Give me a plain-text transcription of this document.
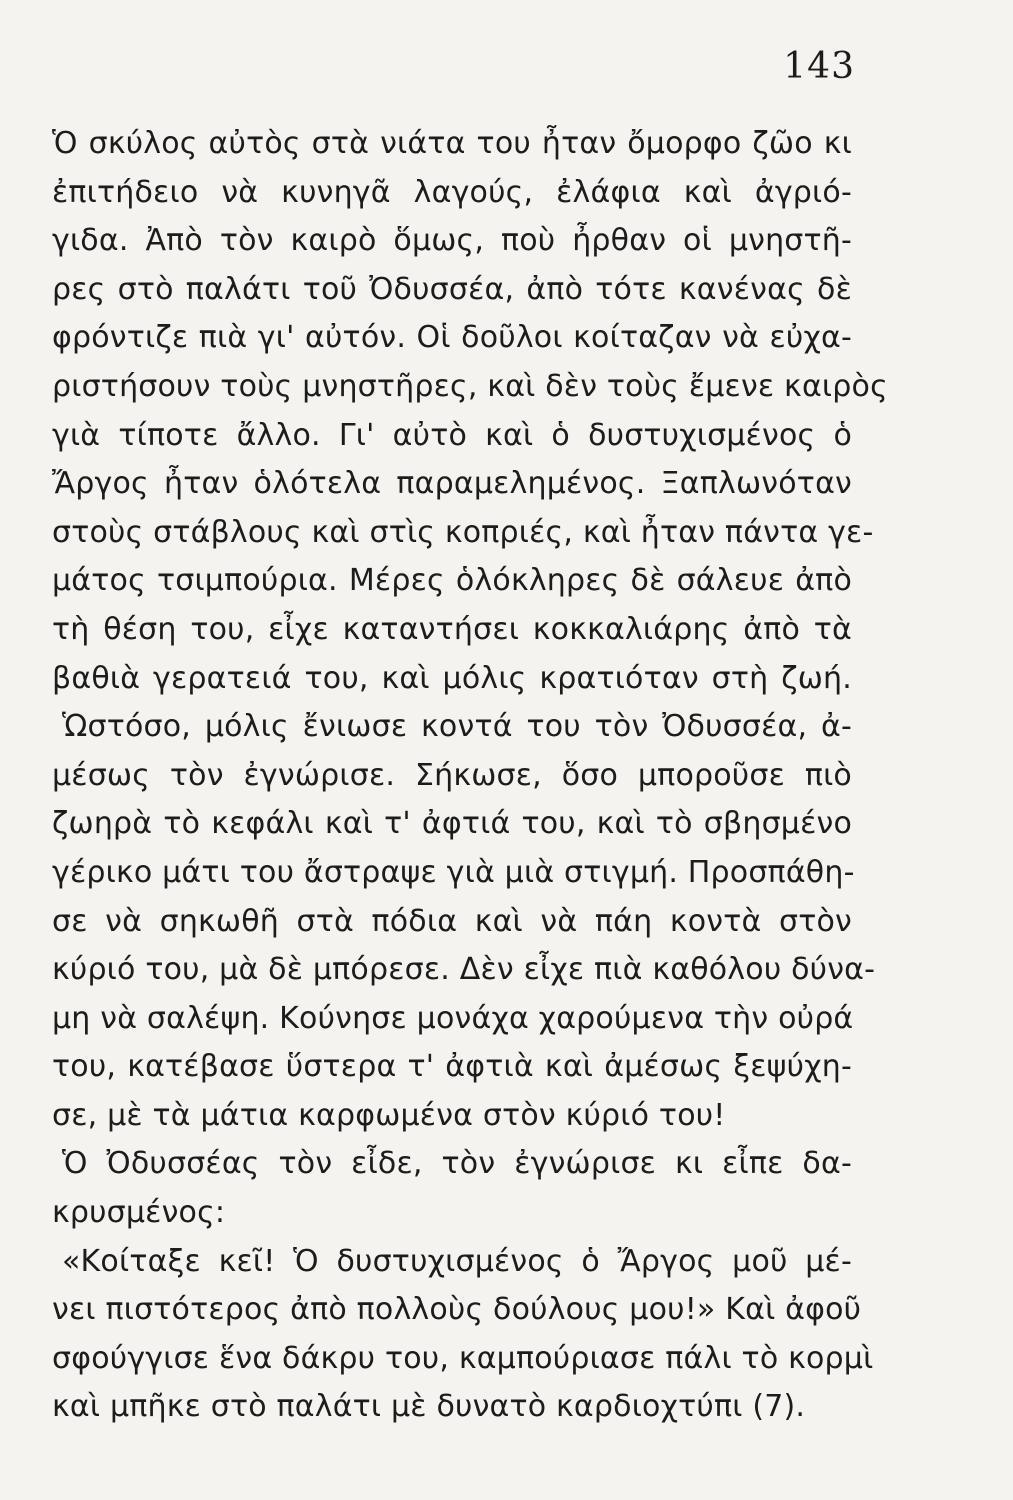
143
Ὁ σκύλος αὐτὸς στὰ νιάτα του ἦταν ὄμορφο ζῶο κι
ἐπιτήδειο νὰ κυνηγᾶ λαγούς, ἐλάφια καὶ ἀγριό-
γιδα. Ἀπὸ τὸν καιρὸ ὅμως, ποὺ ἦρθαν οἱ μνηστῆ-
ρες στὸ παλάτι τοῦ Ὀδυσσέα, ἀπὸ τότε κανένας δὲ
φρόντιζε πιὰ γι' αὐτόν. Οἱ δοῦλοι κοίταζαν νὰ εὐχα-
ριστήσουν τοὺς μνηστῆρες, καὶ δὲν τοὺς ἔμενε καιρὸς
γιὰ τίποτε ἄλλο. Γι' αὐτὸ καὶ ὁ δυστυχισμένος ὁ
Ἄργος ἦταν ὁλότελα παραμελημένος. Ξαπλωνόταν
στοὺς στάβλους καὶ στὶς κοπριές, καὶ ἦταν πάντα γε-
μάτος τσιμπούρια. Μέρες ὁλόκληρες δὲ σάλευε ἀπὸ
τὴ θέση του, εἶχε καταντήσει κοκκαλιάρης ἀπὸ τὰ
βαθιὰ γερατειά του, καὶ μόλις κρατιόταν στὴ ζωή.
Ὡστόσο, μόλις ἔνιωσε κοντά του τὸν Ὀδυσσέα, ἀ-
μέσως τὸν ἐγνώρισε. Σήκωσε, ὅσο μποροῦσε πιὸ
ζωηρὰ τὸ κεφάλι καὶ τ' ἀφτιά του, καὶ τὸ σβησμένο
γέρικο μάτι του ἄστραψε γιὰ μιὰ στιγμή. Προσπάθη-
σε νὰ σηκωθῆ στὰ πόδια καὶ νὰ πάη κοντὰ στὸν
κύριό του, μὰ δὲ μπόρεσε. Δὲν εἶχε πιὰ καθόλου δύνα-
μη νὰ σαλέψη. Κούνησε μονάχα χαρούμενα τὴν οὐρά
του, κατέβασε ὕστερα τ' ἀφτιὰ καὶ ἀμέσως ξεψύχη-
σε, μὲ τὰ μάτια καρφωμένα στὸν κύριό του!
Ὁ Ὀδυσσέας τὸν εἶδε, τὸν ἐγνώρισε κι εἶπε δα-
κρυσμένος:
«Κοίταξε κεῖ! Ὁ δυστυχισμένος ὁ Ἄργος μοῦ μέ-
νει πιστότερος ἀπὸ πολλοὺς δούλους μου!» Καὶ ἀφοῦ
σφούγγισε ἕνα δάκρυ του, καμπούριασε πάλι τὸ κορμὶ
καὶ μπῆκε στὸ παλάτι μὲ δυνατὸ καρδιοχτύπι (7).
